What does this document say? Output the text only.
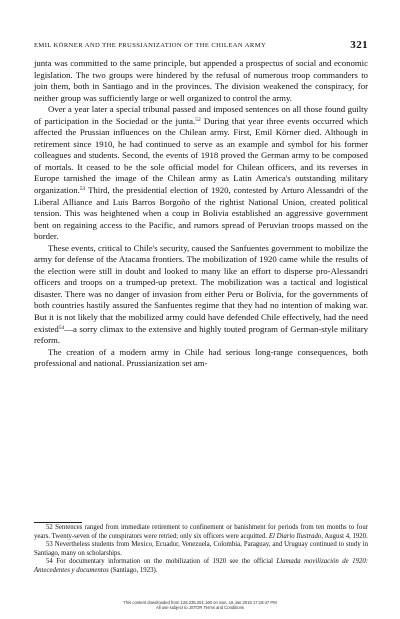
EMIL KÖRNER AND THE PRUSSIANIZATION OF THE CHILEAN ARMY	321

junta was committed to the same principle, but appended a prospectus of social and economic legislation. The two groups were hindered by the refusal of numerous troop commanders to join them, both in Santiago and in the provinces. The division weakened the conspiracy, for neither group was sufficiently large or well organized to control the army.

Over a year later a special tribunal passed and imposed sentences on all those found guilty of participation in the Sociedad or the junta.$^{52}$ During that year three events occurred which affected the Prussian influences on the Chilean army. First, Emil Körner died. Although in retirement since 1910, he had continued to serve as an example and symbol for his former colleagues and students. Second, the events of 1918 proved the German army to be composed of mortals. It ceased to be the sole official model for Chilean officers, and its reverses in Europe tarnished the image of the Chilean army as Latin America's outstanding military organization.$^{53}$ Third, the presidential election of 1920, contested by Arturo Alessandri of the Liberal Alliance and Luis Barros Borgoño of the rightist National Union, created political tension. This was heightened when a coup in Bolivia established an aggressive government bent on regaining access to the Pacific, and rumors spread of Peruvian troops massed on the border.

These events, critical to Chile's security, caused the Sanfuentes government to mobilize the army for defense of the Atacama frontiers. The mobilization of 1920 came while the results of the election were still in doubt and looked to many like an effort to disperse pro-Alessandri officers and troops on a trumped-up pretext. The mobilization was a tactical and logistical disaster. There was no danger of invasion from either Peru or Bolivia, for the governments of both countries hastily assured the Sanfuentes regime that they had no intention of making war. But it is not likely that the mobilized army could have defended Chile effectively, had the need existed$^{54}$—a sorry climax to the extensive and highly touted program of German-style military reform.

The creation of a modern army in Chile had serious long-range consequences, both professional and national. Prussianization set am-

52 Sentences ranged from immediate retirement to confinement or banishment for periods from ten months to four years. Twenty-seven of the conspirators were retried; only six officers were acquitted. El Diario Ilustrado, August 4, 1920.

53 Nevertheless students from Mexico, Ecuador, Venezuela, Colombia, Paraguay, and Uruguay continued to study in Santiago, many on scholarships.

54 For documentary information on the mobilization of 1920 see the official Llamada movilización de 1920: Antecedentes y documentos (Santiago, 1923).

This content downloaded from 128.235.251.160 on Sun, 18 Jan 2015 17:18:47 PM
All use subject to JSTOR Terms and Conditions
